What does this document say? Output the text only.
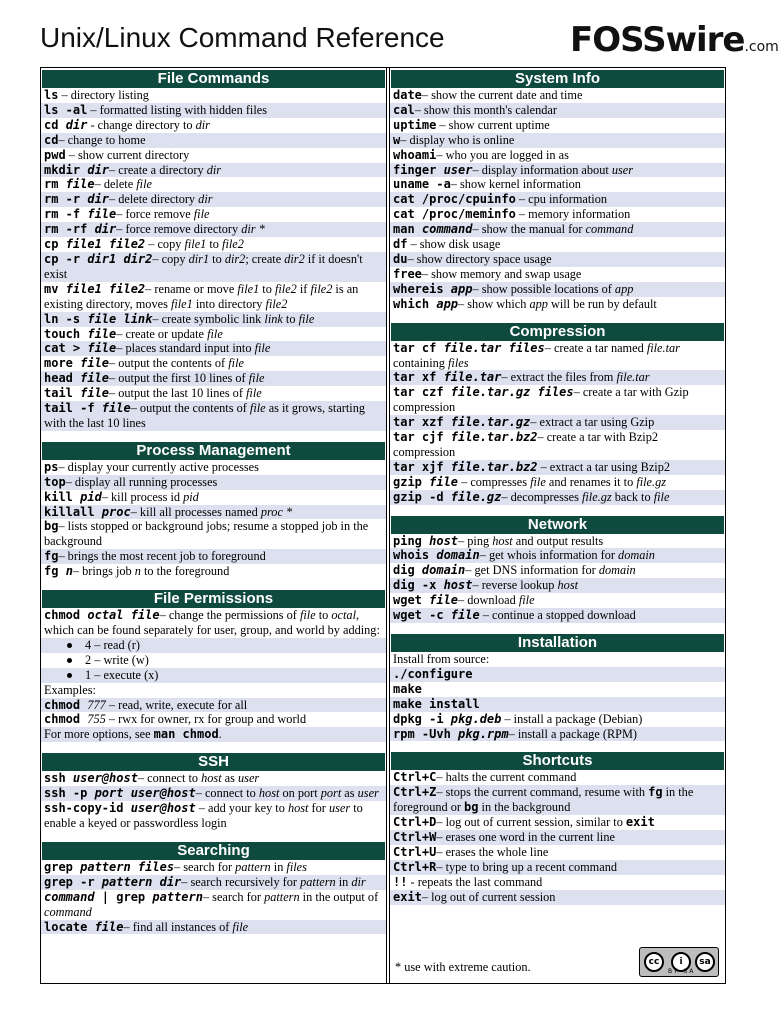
Unix/Linux Command Reference	FOSSwire.com
File Commands
ls – directory listing
ls -al – formatted listing with hidden files
cd dir - change directory to dir
cd– change to home
pwd – show current directory
mkdir dir– create a directory dir
rm file– delete file
rm -r dir– delete directory dir
rm -f file– force remove file
rm -rf dir– force remove directory dir *
cp file1 file2 – copy file1 to file2
cp -r dir1 dir2– copy dir1 to dir2; create dir2 if it doesn't exist
mv file1 file2– rename or move file1 to file2 if file2 is an existing directory, moves file1 into directory file2
ln -s file link– create symbolic link link to file
touch file– create or update file
cat > file– places standard input into file
more file– output the contents of file
head file– output the first 10 lines of file
tail file– output the last 10 lines of file
tail -f file– output the contents of file as it grows, starting with the last 10 lines
Process Management
ps– display your currently active processes
top– display all running processes
kill pid– kill process id pid
killall proc– kill all processes named proc *
bg– lists stopped or background jobs; resume a stopped job in the background
fg– brings the most recent job to foreground
fg n– brings job n to the foreground
File Permissions
chmod octal file– change the permissions of file to octal, which can be found separately for user, group, and world by adding:
4 – read (r)
2 – write (w)
1 – execute (x)
Examples:
chmod 777 – read, write, execute for all
chmod 755 – rwx for owner, rx for group and world
For more options, see man chmod.
SSH
ssh user@host– connect to host as user
ssh -p port user@host– connect to host on port port as user
ssh-copy-id user@host – add your key to host for user to enable a keyed or passwordless login
Searching
grep pattern files– search for pattern in files
grep -r pattern dir– search recursively for pattern in dir
command | grep pattern– search for pattern in the output of command
locate file– find all instances of file
System Info
date– show the current date and time
cal– show this month's calendar
uptime – show current uptime
w– display who is online
whoami– who you are logged in as
finger user– display information about user
uname -a– show kernel information
cat /proc/cpuinfo – cpu information
cat /proc/meminfo – memory information
man command– show the manual for command
df – show disk usage
du– show directory space usage
free– show memory and swap usage
whereis app– show possible locations of app
which app– show which app will be run by default
Compression
tar cf file.tar files– create a tar named file.tar containing files
tar xf file.tar– extract the files from file.tar
tar czf file.tar.gz files– create a tar with Gzip compression
tar xzf file.tar.gz– extract a tar using Gzip
tar cjf file.tar.bz2– create a tar with Bzip2 compression
tar xjf file.tar.bz2 – extract a tar using Bzip2
gzip file – compresses file and renames it to file.gz
gzip -d file.gz– decompresses file.gz back to file
Network
ping host– ping host and output results
whois domain– get whois information for domain
dig domain– get DNS information for domain
dig -x host– reverse lookup host
wget file– download file
wget -c file – continue a stopped download
Installation
Install from source:
./configure
make
make install
dpkg -i pkg.deb – install a package (Debian)
rpm -Uvh pkg.rpm– install a package (RPM)
Shortcuts
Ctrl+C– halts the current command
Ctrl+Z– stops the current command, resume with fg in the foreground or bg in the background
Ctrl+D– log out of current session, similar to exit
Ctrl+W– erases one word in the current line
Ctrl+U– erases the whole line
Ctrl+R– type to bring up a recent command
!! - repeats the last command
exit– log out of current session
* use with extreme caution.	cc	i	sa
BY SA
